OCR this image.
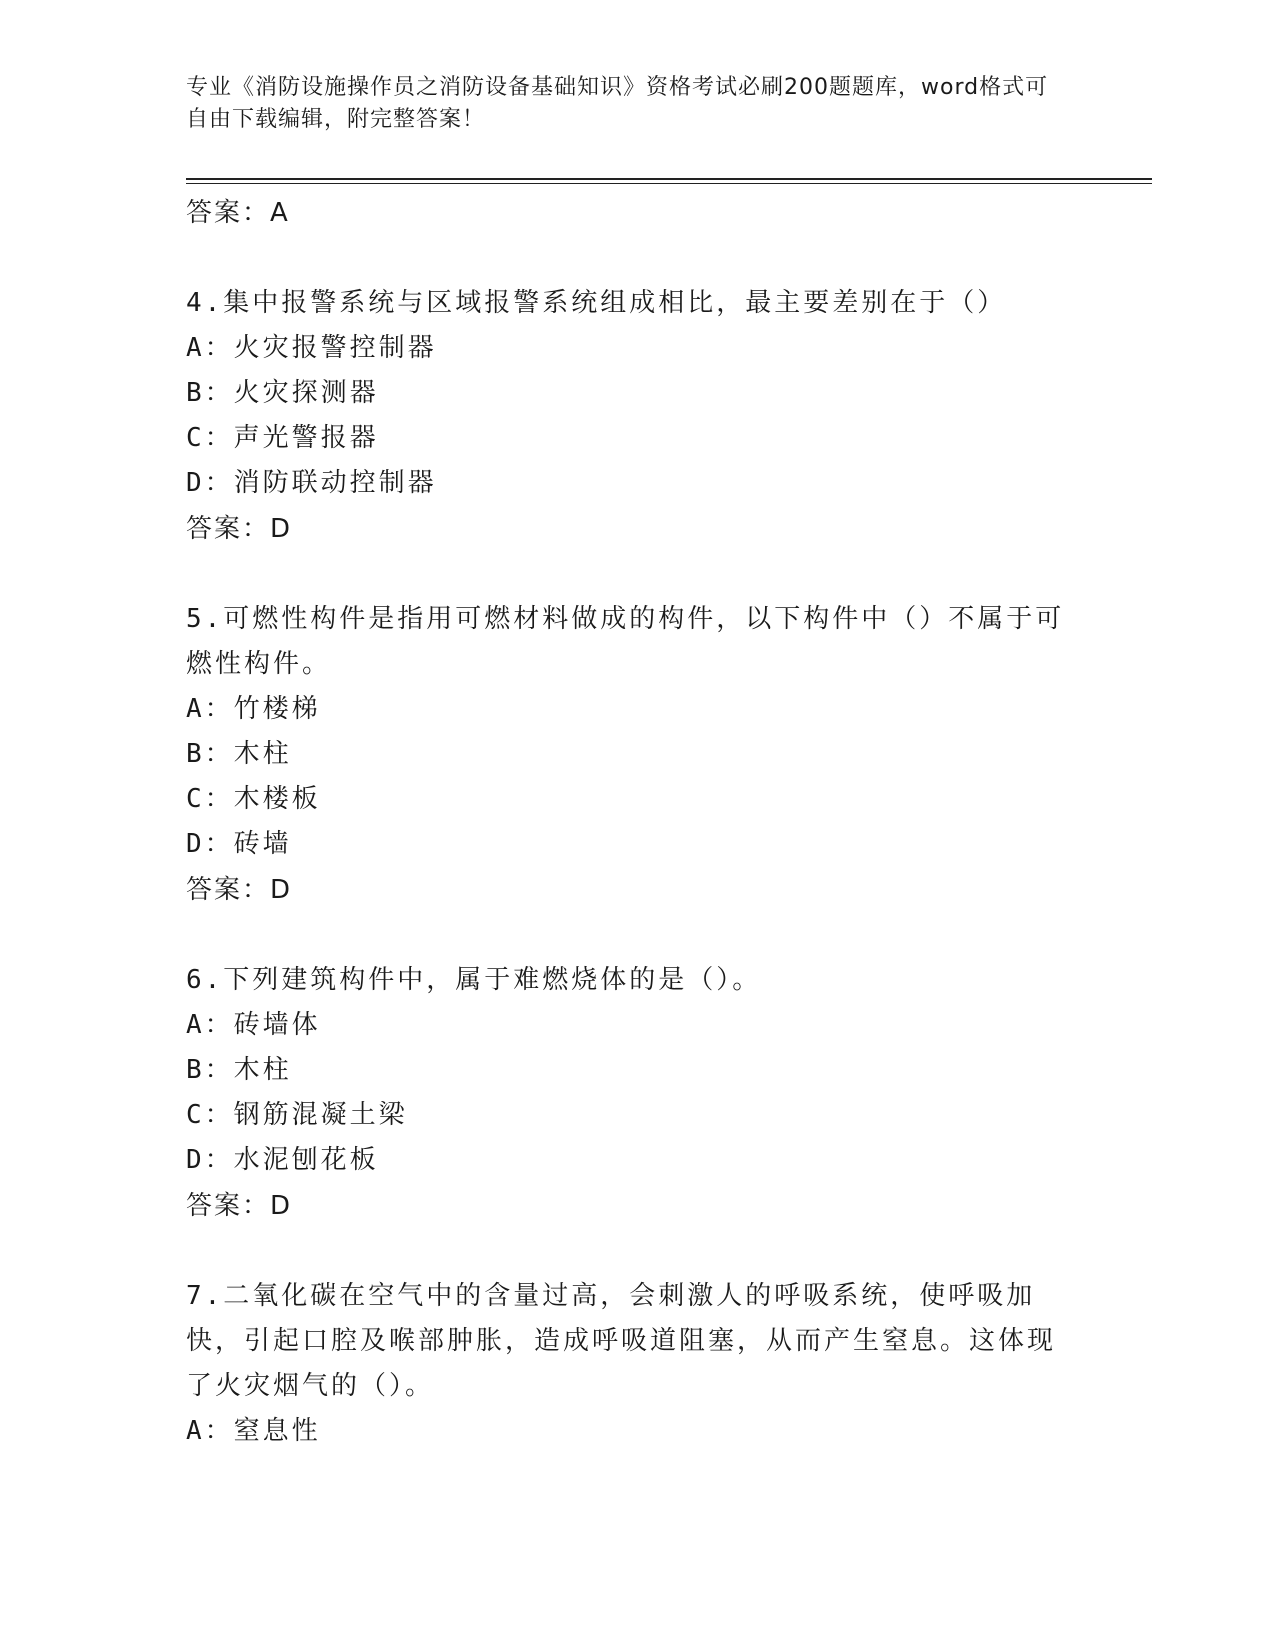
专业《消防设施操作员之消防设备基础知识》资格考试必刷200题题库，word格式可自由下载编辑，附完整答案！
答案：A
4.集中报警系统与区域报警系统组成相比，最主要差别在于（）
A：火灾报警控制器
B：火灾探测器
C：声光警报器
D：消防联动控制器
答案：D
5.可燃性构件是指用可燃材料做成的构件，以下构件中（）不属于可燃性构件。
A：竹楼梯
B：木柱
C：木楼板
D：砖墙
答案：D
6.下列建筑构件中，属于难燃烧体的是（）。
A：砖墙体
B：木柱
C：钢筋混凝土梁
D：水泥刨花板
答案：D
7.二氧化碳在空气中的含量过高，会刺激人的呼吸系统，使呼吸加快，引起口腔及喉部肿胀，造成呼吸道阻塞，从而产生窒息。这体现了火灾烟气的（）。
A：窒息性
